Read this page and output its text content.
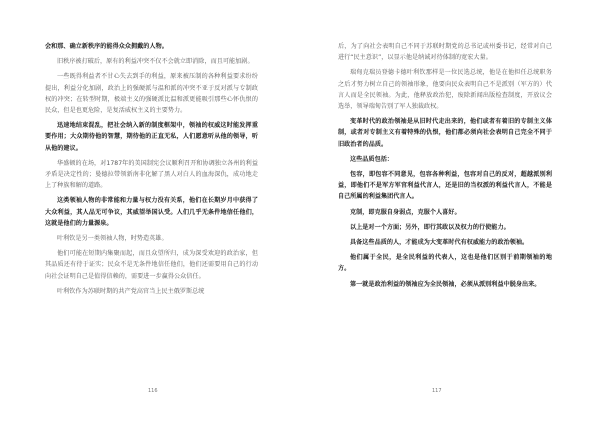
会和那、确立新秩序的能得众众拥戴的人物。

旧秩序被打破后，原有的利益冲突不仅不会就立即消除，而且可能加剧。

一些既得利益者不甘心失去到手的利益，原来被压制的各种利益要求纷纷提出，利益分化加剧，政治上的强硬派与温和派的冲突不亚于反对派与专制政权的冲突；在转型时期，极端主义的强硬派比温和派更能吸引那些心怀仇恨的民众，但是也更危险，是复活威权主义的主要势力。

迅速地结束混乱，把社会纳入新的制度框架中，领袖的权威这时能发挥重要作用；大众期待他的智慧，期待他的正直无私，人们愿意听从他的领导，听从他的建议。

华盛顿的在场，对1787年的美国制宪会议顺利召开和协调独立各州的利益矛盾是决定性的；曼德拉带领新南非化解了黑人对白人的血海深仇，成功地走上了种族和解的道路。

这类领袖人物的非常能和力量与权力没有关系，他们在长期岁月中获得了大众利益，其人品无可争议，其威望举国认受。人们几乎无条件地信任他们，这就是他们的力量源泉。

叶利钦是另一类领袖人物，时势造英雄。

他们可能在短期内集聚而起，而且众望所归，成为深受欢迎的政治家，但其品质还有待于证实；民众不是无条件地信任他们，他们还需要用自己的行动向社会证明自己是值得信赖的，需要进一步赢得公众信任。

叶利钦作为苏联时期的共产党高官当上民主俄罗斯总统

116

后，为了向社会表明自己不同于苏联时期党的总书记或州委书记，经常对自己进行“民主意识”，以显示他是纳诚对待体制的宽宏大量。

瑞甸克瑞员登德卡德叶利钦那样是一位民选总统，他是在他担任总统职务之后才努力树立自己的领袖形象，他要向民众表明自己不是派别（军方的）代言人而是全民领袖。为此，他释放政治犯，废除新闻出版检查制度，开放议会选举，领导瑞甸告别了军人独裁政权。

变革时代的政治领袖是从旧时代走出来的，他们或者有着旧的专制主义体制，或者对专制主义有着特殊的仇恨，他们都必须向社会表明自己完全不同于旧政治者的品质。

这些品质包括：

包容，即包容不同意见，包容各种利益，包容对自己的反对，超越派别利益，即他们不是军方军官利益代言人，还是旧的当权派的利益代言人，不能是自己所属的利益集团代言人。

克制，即克服自身弱点，克服个人喜好。

以上是对一个方面；另外，即行其政以及权力的行使能力。

具备这些品质的人，才能成为大变革时代有权威能力的政治领袖。

他们属于全民，是全民利益的代表人，这也是他们区别于前期领袖的地方。

第一就是政治利益的领袖应为全民领袖，必须从派别利益中脱身出来。

117
